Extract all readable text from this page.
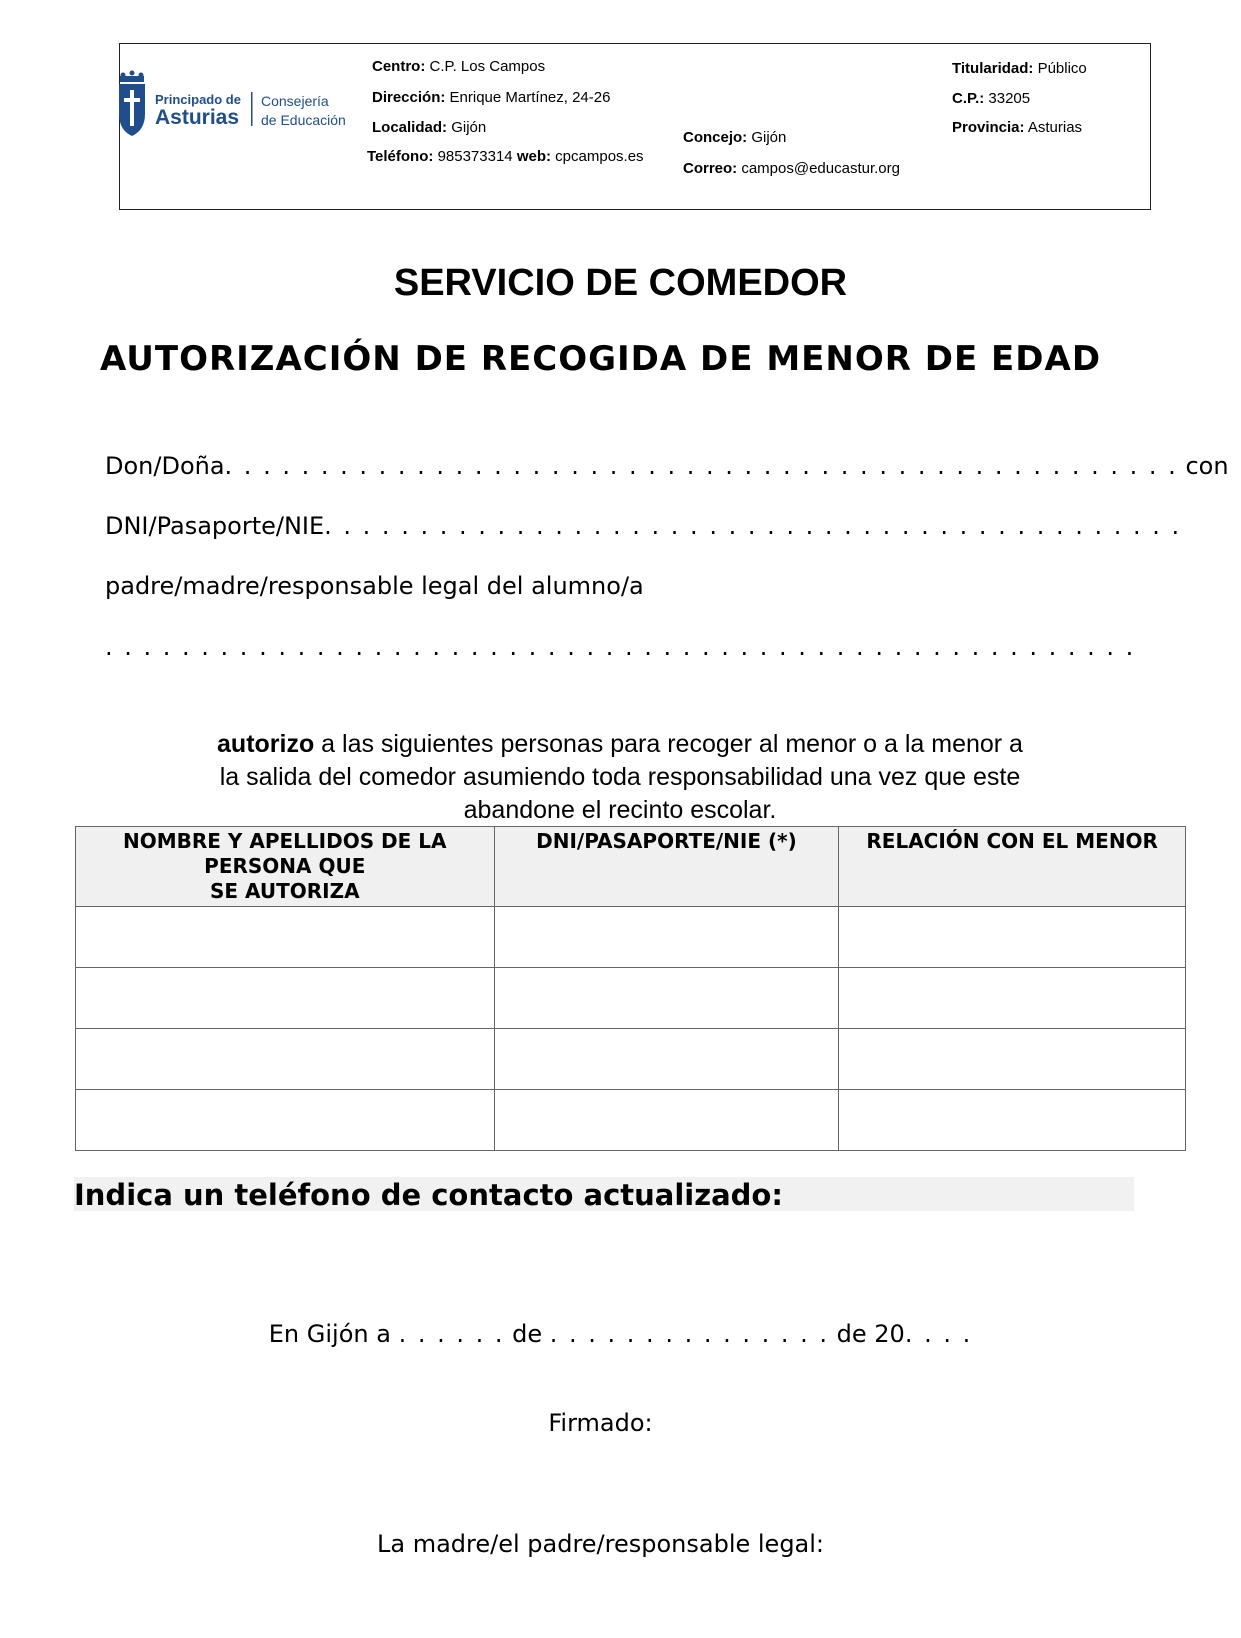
Principado de
Asturias
Consejería
de Educación
Centro: C.P. Los Campos
Dirección: Enrique Martínez, 24-26
Localidad: Gijón
Teléfono: 985373314 web: cpcampos.es
Concejo: Gijón
Correo: campos@educastur.org
Titularidad: Público
C.P.: 33205
Provincia: Asturias
SERVICIO DE COMEDOR
AUTORIZACIÓN DE RECOGIDA DE MENOR DE EDAD
Don/Doña. . . . . . . . . . . . . . . . . . . . . . . . . . . . . . . . . . . . . . . . . . . . . . . . . . con
DNI/Pasaporte/NIE. . . . . . . . . . . . . . . . . . . . . . . . . . . . . . . . . . . . . . . . . . . . .
padre/madre/responsable legal del alumno/a
. . . . . . . . . . . . . . . . . . . . . . . . . . . . . . . . . . . . . . . . . . . . . . . . . . . . . .
autorizo a las siguientes personas para recoger al menor o a la menor a
la salida del comedor asumiendo toda responsabilidad una vez que este
abandone el recinto escolar.
NOMBRE Y APELLIDOS DE LA
PERSONA QUE
SE AUTORIZA	DNI/PASAPORTE/NIE (*)	RELACIÓN CON EL MENOR

Indica un teléfono de contacto actualizado:
En Gijón a . . . . . . de . . . . . . . . . . . . . . . de 20. . . .
Firmado:
La madre/el padre/responsable legal:
